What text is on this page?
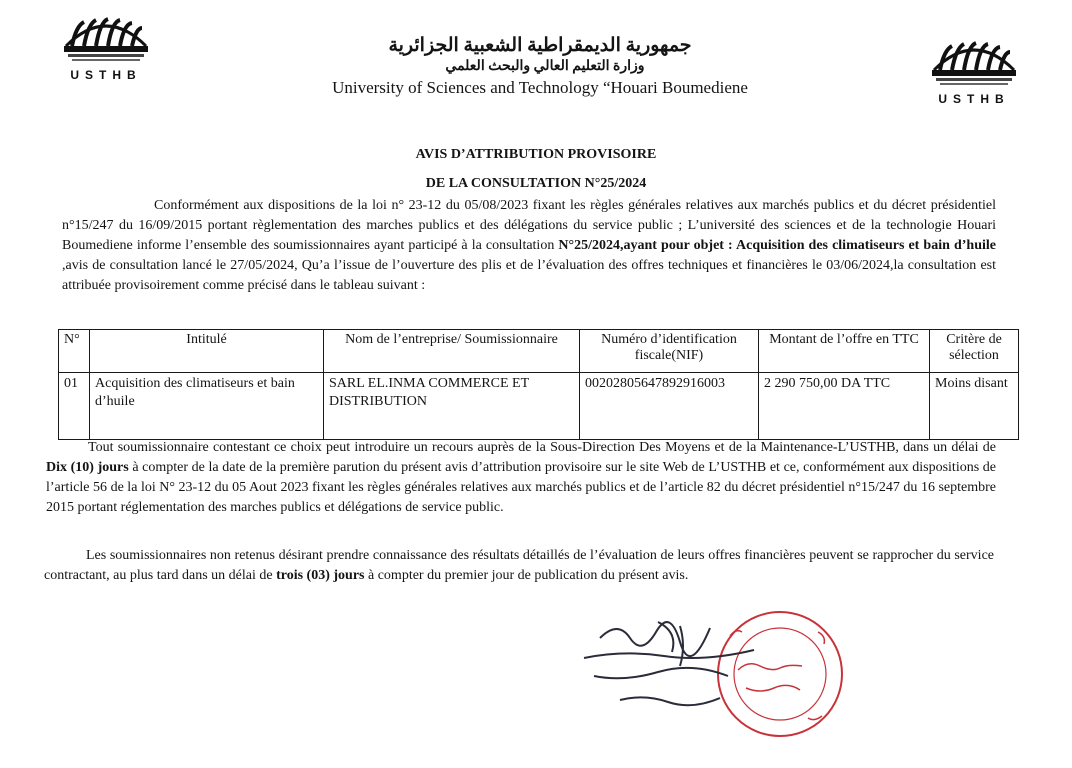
USTHB
USTHB
جمهورية الديمقراطية الشعبية الجزائرية
وزارة التعليم العالي والبحث العلمي
University of Sciences and Technology “Houari Boumediene
AVIS D’ATTRIBUTION PROVISOIRE
DE LA CONSULTATION N°25/2024
Conformément aux dispositions de la loi n° 23-12 du 05/08/2023 fixant les règles générales relatives aux marchés publics et du décret présidentiel n°15/247 du 16/09/2015 portant règlementation des marches publics et des délégations du service public ; L’université des sciences et de la technologie Houari Boumediene informe l’ensemble des soumissionnaires ayant participé à la consultation N°25/2024,ayant pour objet : Acquisition des climatiseurs et bain d’huile ,avis de consultation lancé le 27/05/2024, Qu’a l’issue de l’ouverture des plis et de l’évaluation des offres techniques et financières le 03/06/2024,la consultation est attribuée provisoirement comme précisé dans le tableau suivant :
N°	Intitulé	Nom de l’entreprise/ Soumissionnaire	Numéro d’identification fiscale(NIF)	Montant de l’offre en TTC	Critère de sélection
01	Acquisition des climatiseurs et bain d’huile	SARL EL.INMA COMMERCE ET DISTRIBUTION	00202805647892916003	2 290 750,00 DA TTC	Moins disant
Tout soumissionnaire contestant ce choix peut introduire un recours auprès de la Sous-Direction Des Moyens et de la Maintenance-L’USTHB, dans un délai de Dix (10) jours à compter de la date de la première parution du présent avis d’attribution provisoire sur le site Web de L’USTHB et ce, conformément aux dispositions de l’article 56 de la loi N° 23-12 du 05 Aout 2023 fixant les règles générales relatives aux marchés publics et de l’article 82 du décret présidentiel n°15/247 du 16 septembre 2015 portant réglementation des marches publics et délégations de service public.
Les soumissionnaires non retenus désirant prendre connaissance des résultats détaillés de l’évaluation de leurs offres financières peuvent se rapprocher du service contractant, au plus tard dans un délai de trois (03) jours à compter du premier jour de publication du présent avis.
